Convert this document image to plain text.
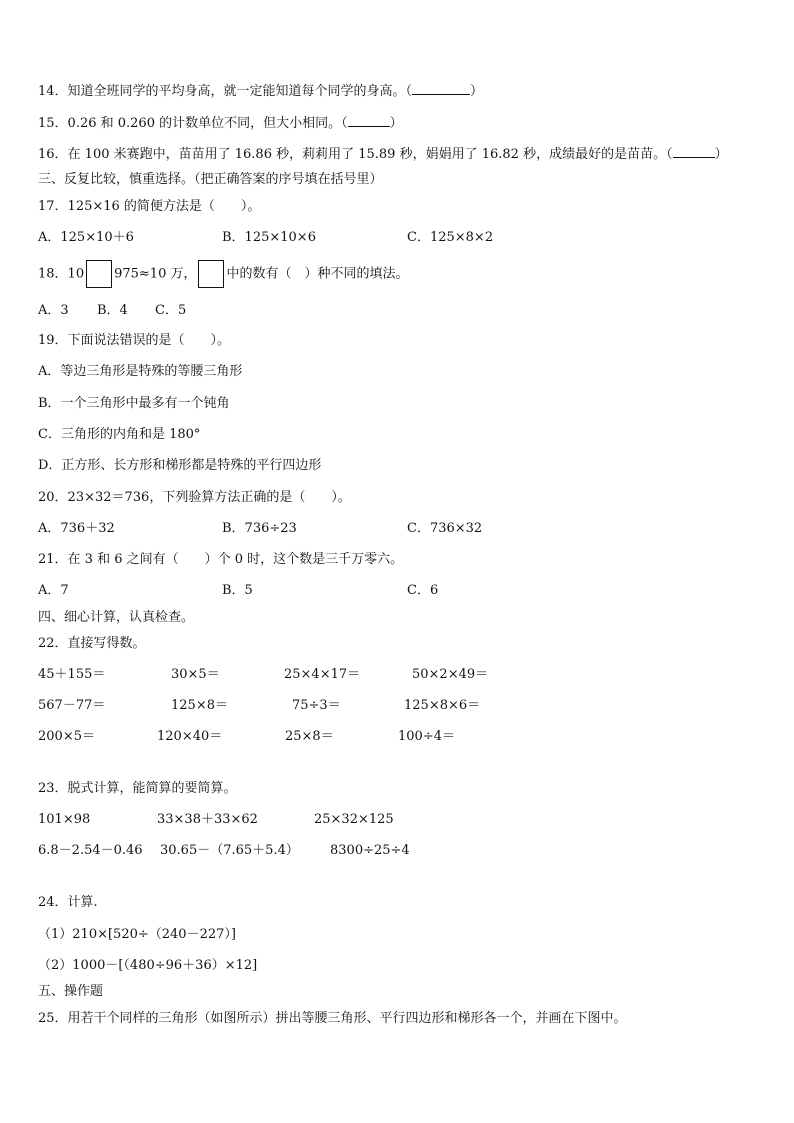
14．知道全班同学的平均身高，就一定能知道每个同学的身高。（	）
15．0.26 和 0.260 的计数单位不同，但大小相同。（	）
16．在 100 米赛跑中，苗苗用了 16.86 秒，莉莉用了 15.89 秒，娟娟用了 16.82 秒，成绩最好的是苗苗。（	）
三、反复比较，慎重选择。（把正确答案的序号填在括号里）
17．125×16 的简便方法是（　　）。
A．125×10＋6	B．125×10×6	C．125×8×2
18．10 975≈10 万， 中的数有（　）种不同的填法。
A．3 B．4 C．5
19．下面说法错误的是（　　）。
A．等边三角形是特殊的等腰三角形
B．一个三角形中最多有一个钝角
C．三角形的内角和是 180°
D．正方形、长方形和梯形都是特殊的平行四边形
20．23×32＝736，下列验算方法正确的是（　　）。
A．736＋32	B．736÷23	C．736×32
21．在 3 和 6 之间有（　　）个 0 时，这个数是三千万零六。
A．7	B．5	C．6
四、细心计算，认真检查。
22．直接写得数。
45＋155＝	30×5＝	25×4×17＝	50×2×49＝
567－77＝	125×8＝	75÷3＝	125×8×6＝
200×5＝	120×40＝	25×8＝	100÷4＝
23．脱式计算，能简算的要简算。
101×98	33×38＋33×62	25×32×125
6.8－2.54－0.46 30.65－（7.65＋5.4） 8300÷25÷4
24．计算.
（1）210×[520÷（240－227）]
（2）1000－[（480÷96＋36）×12]
五、操作题
25．用若干个同样的三角形（如图所示）拼出等腰三角形、平行四边形和梯形各一个，并画在下图中。
